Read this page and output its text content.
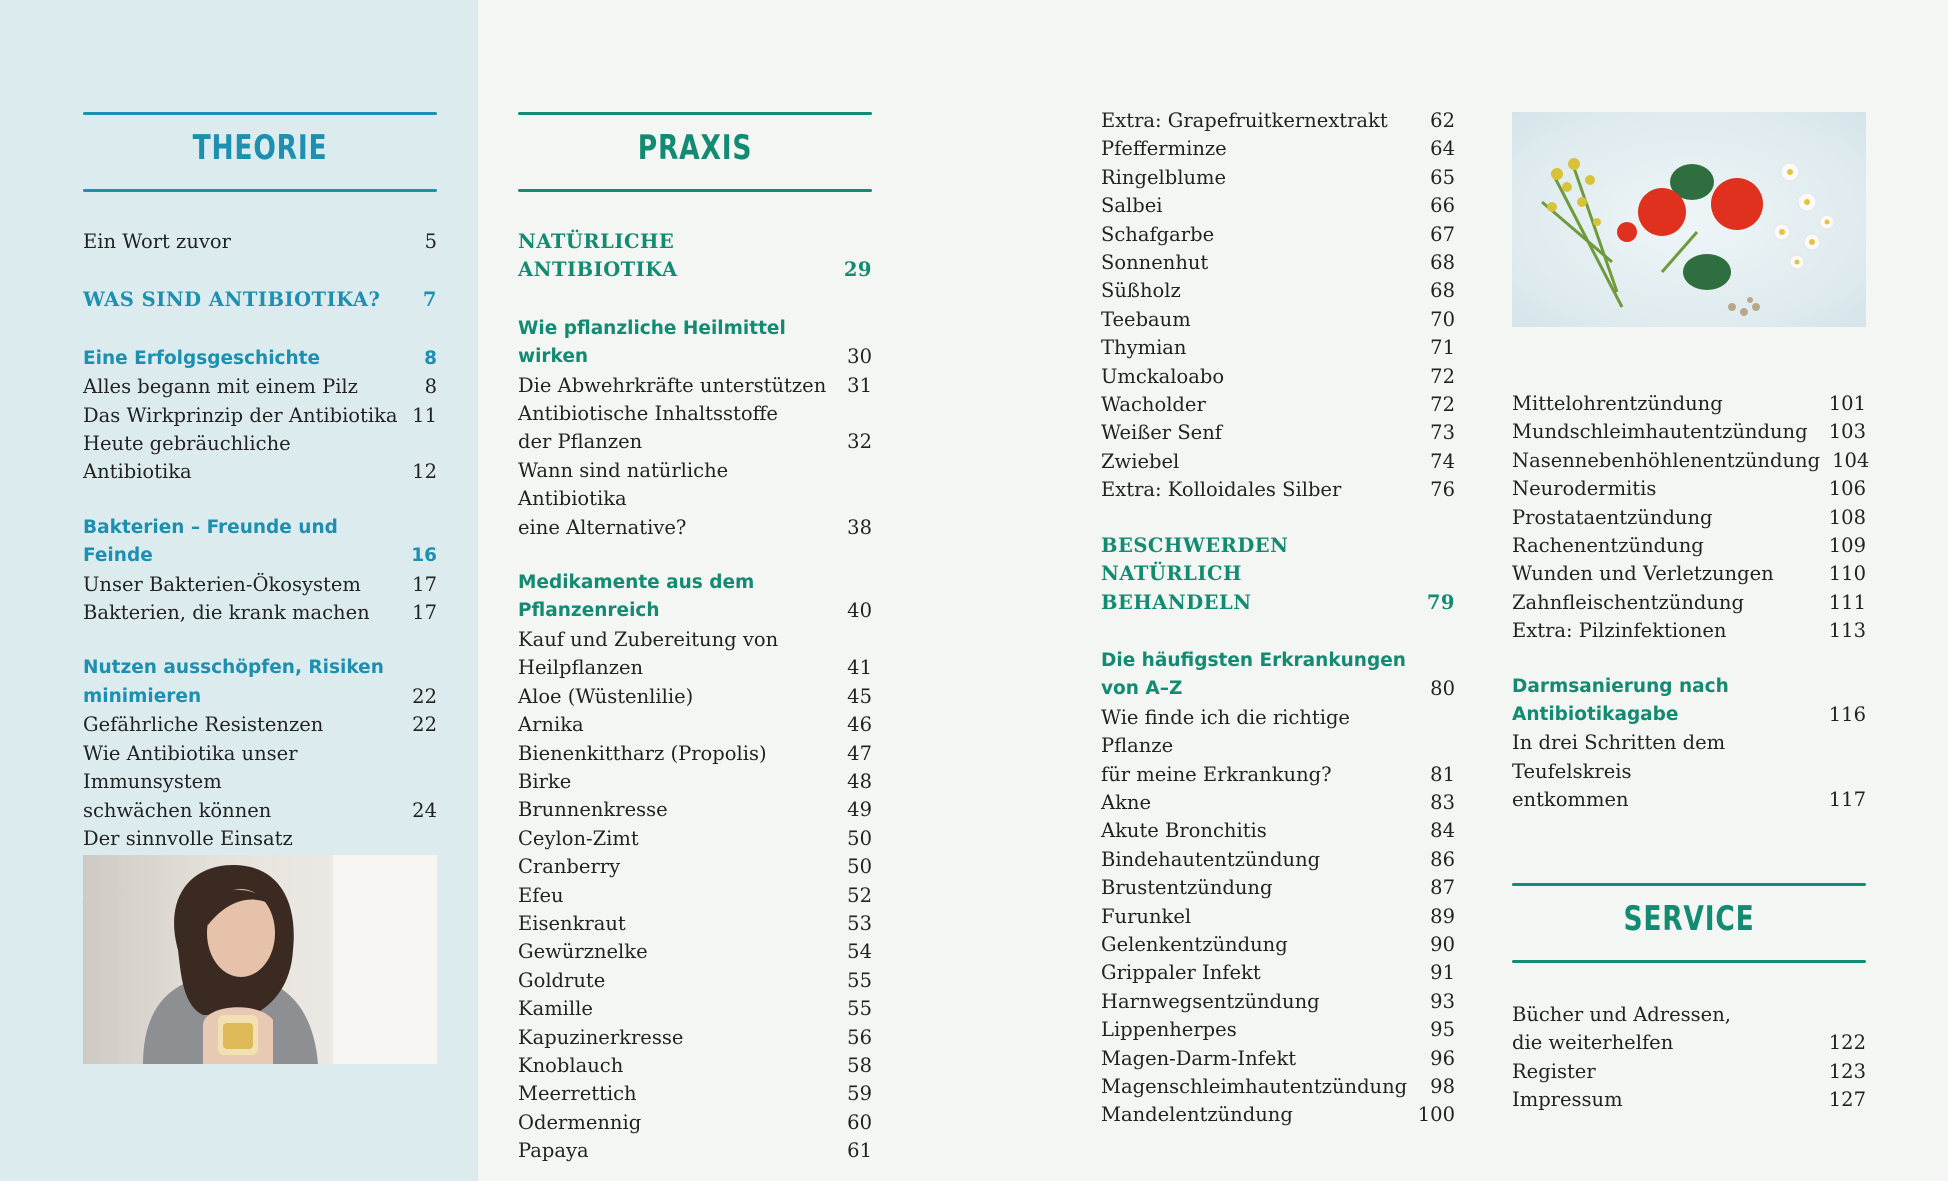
THEORIE
Ein Wort zuvor	5
WAS SIND ANTIBIOTIKA?	7
Eine Erfolgsgeschichte	8
Alles begann mit einem Pilz	8
Das Wirkprinzip der Antibiotika 11
Heute gebräuchliche Antibiotika	12
Bakterien – Freunde und Feinde	16
Unser Bakterien-Ökosystem	17
Bakterien, die krank machen	17
Nutzen ausschöpfen, Risiken
minimieren	22
Gefährliche Resistenzen	22
Wie Antibiotika unser Immunsystem
schwächen können	24
Der sinnvolle Einsatz

PRAXIS
NATÜRLICHE ANTIBIOTIKA	29
Wie pflanzliche Heilmittel wirken	30
Die Abwehrkräfte unterstützen	31
Antibiotische Inhaltsstoffe
der Pflanzen	32
Wann sind natürliche Antibiotika
eine Alternative?	38
Medikamente aus dem
Pflanzenreich	40
Kauf und Zubereitung von
Heilpflanzen	41
Aloe (Wüstenlilie)	45
Arnika	46
Bienenkittharz (Propolis)	47
Birke	48
Brunnenkresse	49
Ceylon-Zimt	50
Cranberry	50
Efeu	52
Eisenkraut	53
Gewürznelke	54
Goldrute	55
Kamille	55
Kapuzinerkresse	56
Knoblauch	58
Meerrettich	59
Odermennig	60
Papaya	61
Extra: Grapefruitkernextrakt	62
Pfefferminze	64
Ringelblume	65
Salbei	66
Schafgarbe	67
Sonnenhut	68
Süßholz	68
Teebaum	70
Thymian	71
Umckaloabo	72
Wacholder	72
Weißer Senf	73
Zwiebel	74
Extra: Kolloidales Silber	76
BESCHWERDEN NATÜRLICH
BEHANDELN	79
Die häufigsten Erkrankungen
von A–Z	80
Wie finde ich die richtige Pflanze
für meine Erkrankung?	81
Akne	83
Akute Bronchitis	84
Bindehautentzündung	86
Brustentzündung	87
Furunkel	89
Gelenkentzündung	90
Grippaler Infekt	91
Harnwegsentzündung	93
Lippenherpes	95
Magen-Darm-Infekt	96
Magenschleimhautentzündung	98
Mandelentzündung	100
Mittelohrentzündung	101
Mundschleimhautentzündung	103
Nasennebenhöhlenentzündung 104
Neurodermitis	106
Prostataentzündung	108
Rachenentzündung	109
Wunden und Verletzungen	110
Zahnfleischentzündung	111
Extra: Pilzinfektionen	113
Darmsanierung nach
Antibiotikagabe	116
In drei Schritten dem Teufelskreis
entkommen	117
SERVICE
Bücher und Adressen,
die weiterhelfen	122
Register	123
Impressum	127
